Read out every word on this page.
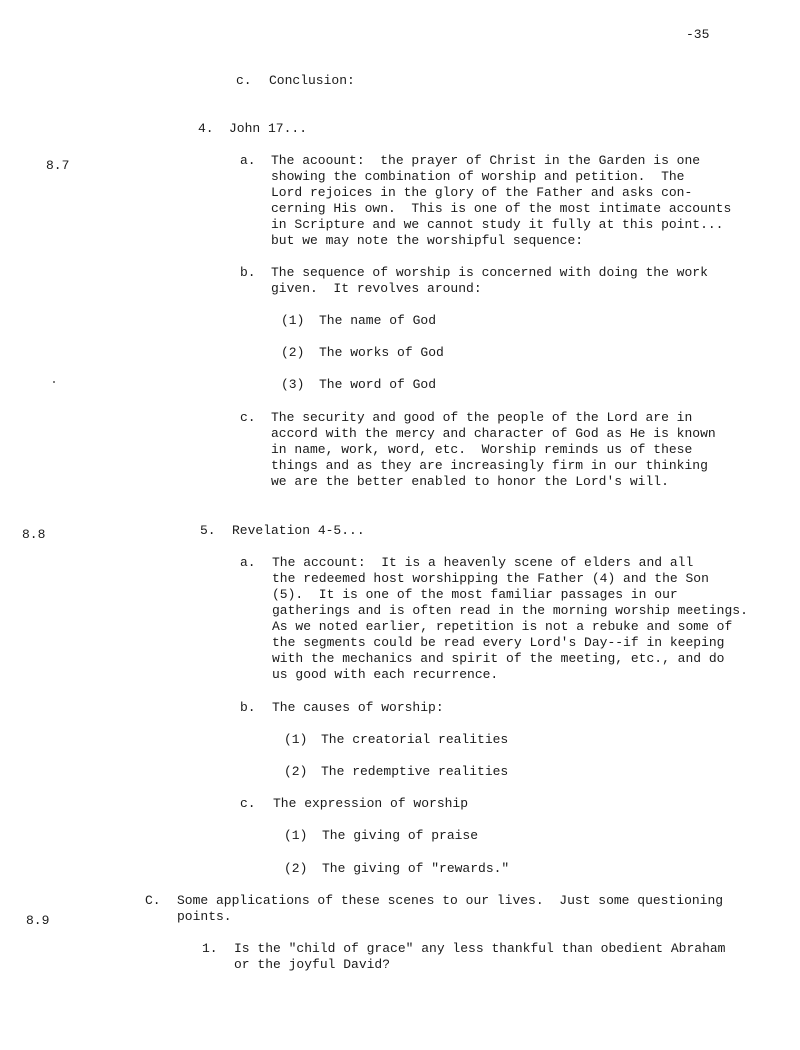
-35
8.7
8.8
8.9
c. Conclusion:
4. John 17...
a. The acoount:  the prayer of Christ in the Garden is one
showing the combination of worship and petition.  The
Lord rejoices in the glory of the Father and asks con-
cerning His own.  This is one of the most intimate accounts
in Scripture and we cannot study it fully at this point...
but we may note the worshipful sequence:
b. The sequence of worship is concerned with doing the work
given.  It revolves around:
(1) The name of God
(2) The works of God
(3) The word of God
c. The security and good of the people of the Lord are in
accord with the mercy and character of God as He is known
in name, work, word, etc.  Worship reminds us of these
things and as they are increasingly firm in our thinking
we are the better enabled to honor the Lord's will.
5. Revelation 4-5...
a. The account:  It is a heavenly scene of elders and all
the redeemed host worshipping the Father (4) and the Son
(5).  It is one of the most familiar passages in our
gatherings and is often read in the morning worship meetings.
As we noted earlier, repetition is not a rebuke and some of
the segments could be read every Lord's Day--if in keeping
with the mechanics and spirit of the meeting, etc., and do
us good with each recurrence.
b. The causes of worship:
(1) The creatorial realities
(2) The redemptive realities
c. The expression of worship
(1) The giving of praise
(2) The giving of "rewards."
C. Some applications of these scenes to our lives.  Just some questioning
points.
1. Is the "child of grace" any less thankful than obedient Abraham
or the joyful David?
